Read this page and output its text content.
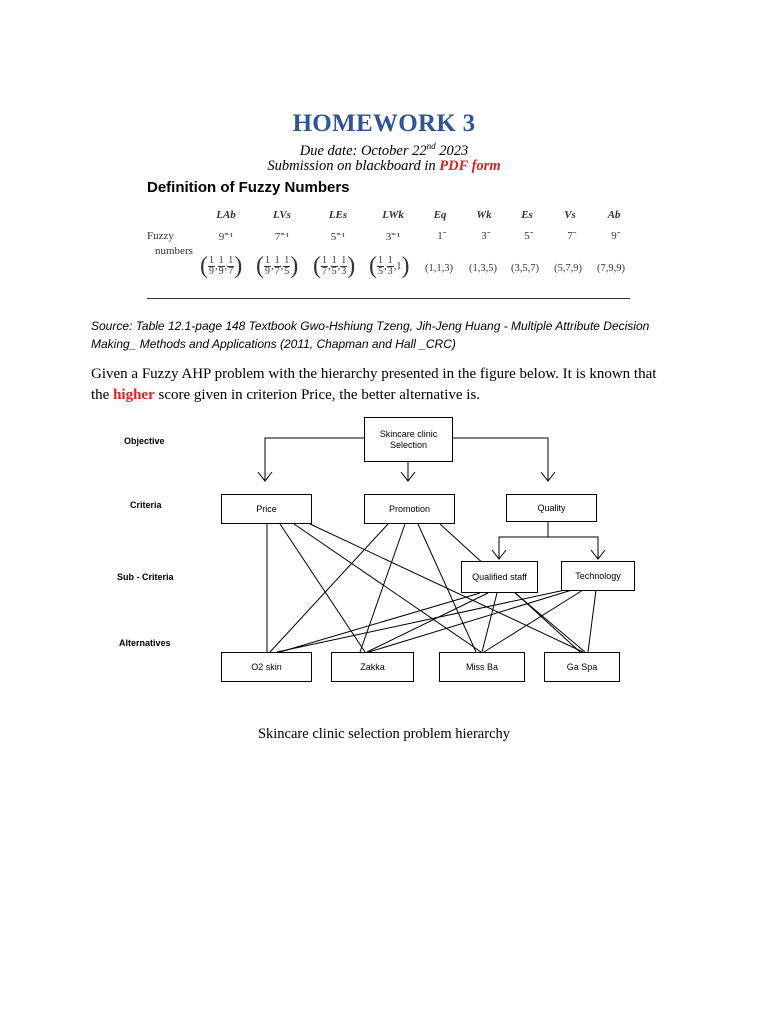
HOMEWORK 3
Due date: October 22nd 2023
Submission on blackboard in PDF form
Definition of Fuzzy Numbers
Fuzzy
numbers
LAb	LVs	LEs	LWk	Eq	Wk	Es	Vs	Ab
9̃⁻¹	7̃⁻¹	5̃⁻¹	3̃⁻¹	1̃	3̃	5̃	7̃	9̃
( $\frac{1}{9}$ , $\frac{1}{9}$ , $\frac{1}{7}$ ) ( $\frac{1}{9}$ , $\frac{1}{7}$ , $\frac{1}{5}$ ) ( $\frac{1}{7}$ , $\frac{1}{5}$ , $\frac{1}{3}$ ) ( $\frac{1}{5}$ , $\frac{1}{3} ,1$) (1,1,3) (1,3,5) (3,5,7) (5,7,9) (7,9,9)
Source: Table 12.1-page 148 Textbook Gwo-Hshiung Tzeng, Jih-Jeng Huang - Multiple Attribute Decision Making_ Methods and Applications (2011, Chapman and Hall _CRC)
Given a Fuzzy AHP problem with the hierarchy presented in the figure below. It is known that
the higher score given in criterion Price, the better alternative is.
Objective
Criteria
Sub - Criteria
Alternatives
Skincare clinic
Selection
Price	Promotion	Quality
Qualified staff	Technology
O2 skin	Zakka	Miss Ba	Ga Spa
Skincare clinic selection problem hierarchy
